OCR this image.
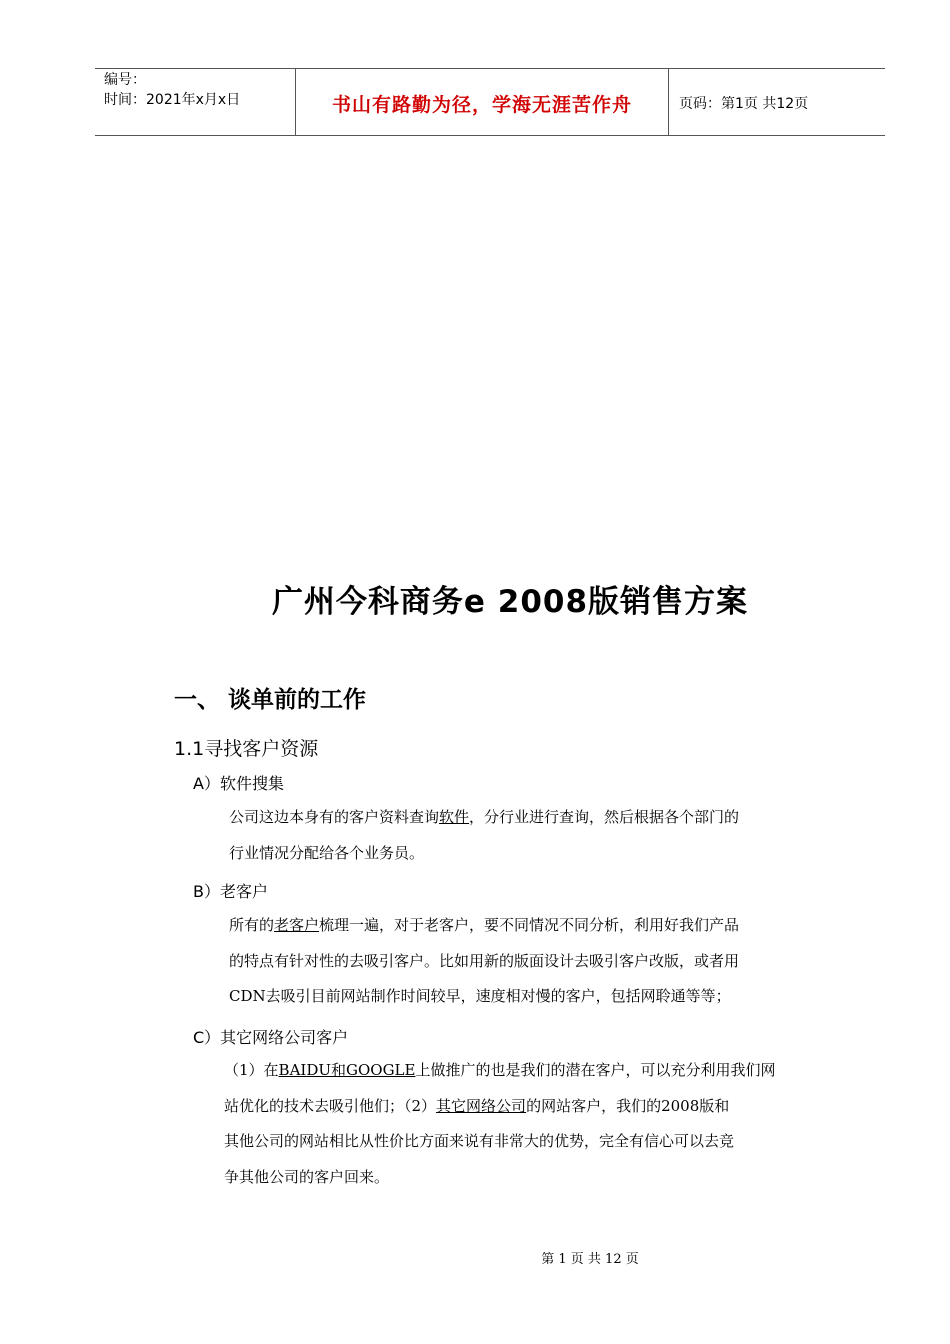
编号：
时间：2021年x月x日	书山有路勤为径，学海无涯苦作舟	页码：第1页 共12页
广州今科商务e 2008版销售方案
一、 谈单前的工作
1.1寻找客户资源
A）软件搜集
公司这边本身有的客户资料查询软件，分行业进行查询，然后根据各个部门的
行业情况分配给各个业务员。
B）老客户
所有的老客户梳理一遍，对于老客户，要不同情况不同分析，利用好我们产品
的特点有针对性的去吸引客户。比如用新的版面设计去吸引客户改版，或者用
CDN去吸引目前网站制作时间较早，速度相对慢的客户，包括网聆通等等；
C）其它网络公司客户
（1）在BAIDU和GOOGLE上做推广的也是我们的潜在客户，可以充分利用我们网
站优化的技术去吸引他们；（2）其它网络公司的网站客户，我们的2008版和
其他公司的网站相比从性价比方面来说有非常大的优势，完全有信心可以去竞
争其他公司的客户回来。
第 1 页 共 12 页
